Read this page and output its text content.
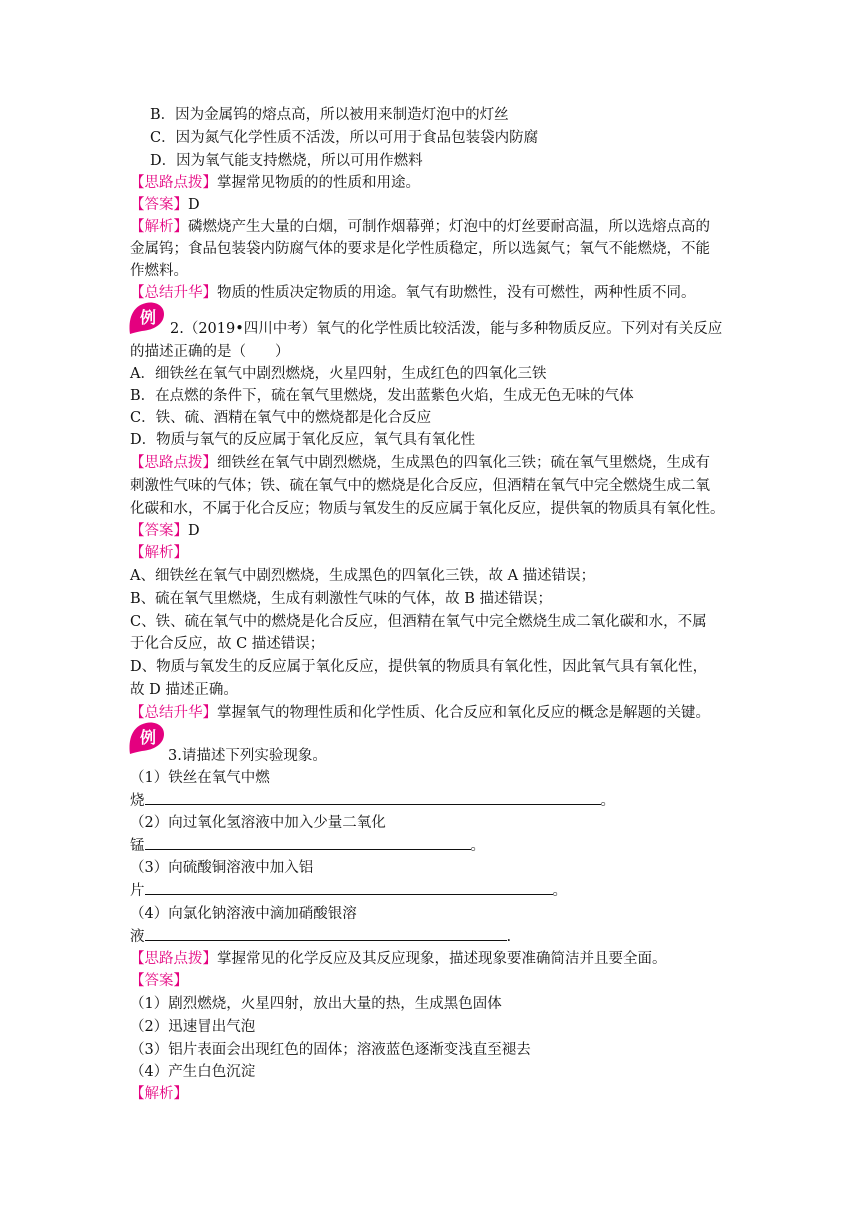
B．因为金属钨的熔点高，所以被用来制造灯泡中的灯丝
C．因为氮气化学性质不活泼，所以可用于食品包装袋内防腐
D．因为氧气能支持燃烧，所以可用作燃料
【思路点拨】掌握常见物质的的性质和用途。
【答案】D
【解析】磷燃烧产生大量的白烟，可制作烟幕弹；灯泡中的灯丝要耐高温，所以选熔点高的
金属钨；食品包装袋内防腐气体的要求是化学性质稳定，所以选氮气；氧气不能燃烧，不能
作燃料。
【总结升华】物质的性质决定物质的用途。氧气有助燃性，没有可燃性，两种性质不同。
例
2.（2019•四川中考）氧气的化学性质比较活泼，能与多种物质反应。下列对有关反应
的描述正确的是（　　）
A．细铁丝在氧气中剧烈燃烧，火星四射，生成红色的四氧化三铁
B．在点燃的条件下，硫在氧气里燃烧，发出蓝紫色火焰，生成无色无味的气体
C．铁、硫、酒精在氧气中的燃烧都是化合反应
D．物质与氧气的反应属于氧化反应，氧气具有氧化性
【思路点拨】细铁丝在氧气中剧烈燃烧，生成黑色的四氧化三铁；硫在氧气里燃烧，生成有
刺激性气味的气体；铁、硫在氧气中的燃烧是化合反应，但酒精在氧气中完全燃烧生成二氧
化碳和水，不属于化合反应；物质与氧发生的反应属于氧化反应，提供氧的物质具有氧化性。
【答案】D
【解析】
A、细铁丝在氧气中剧烈燃烧，生成黑色的四氧化三铁，故 A 描述错误；
B、硫在氧气里燃烧，生成有刺激性气味的气体，故 B 描述错误；
C、铁、硫在氧气中的燃烧是化合反应，但酒精在氧气中完全燃烧生成二氧化碳和水，不属
于化合反应，故 C 描述错误；
D、物质与氧发生的反应属于氧化反应，提供氧的物质具有氧化性，因此氧气具有氧化性，
故 D 描述正确。
【总结升华】掌握氧气的物理性质和化学性质、化合反应和氧化反应的概念是解题的关键。
例
3.请描述下列实验现象。
（1）铁丝在氧气中燃
烧	。
（2）向过氧化氢溶液中加入少量二氧化
锰	。
（3）向硫酸铜溶液中加入铝
片	。
（4）向氯化钠溶液中滴加硝酸银溶
液	.
【思路点拨】掌握常见的化学反应及其反应现象，描述现象要准确简洁并且要全面。
【答案】
（1）剧烈燃烧，火星四射，放出大量的热，生成黑色固体
（2）迅速冒出气泡
（3）铝片表面会出现红色的固体；溶液蓝色逐渐变浅直至褪去
（4）产生白色沉淀
【解析】
